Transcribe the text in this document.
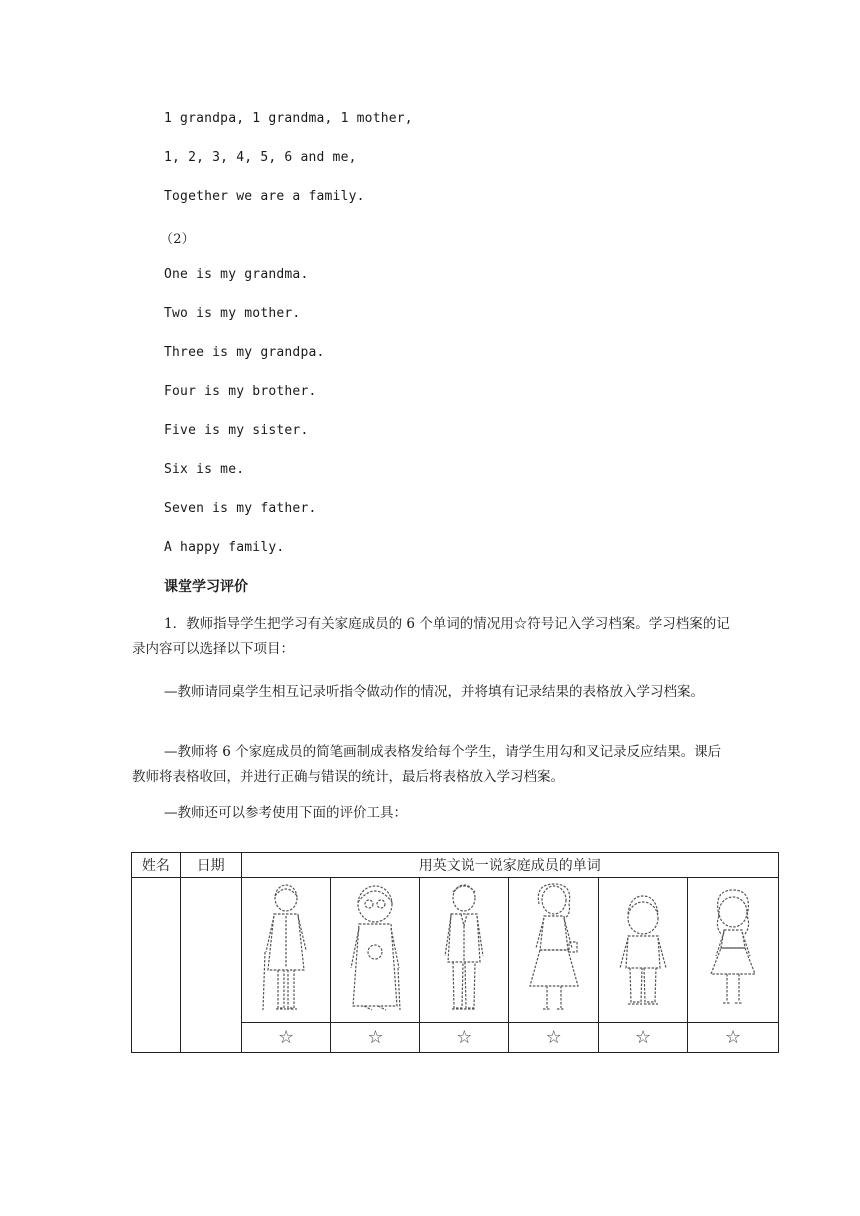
1 grandpa, 1 grandma, 1 mother,
1, 2, 3, 4, 5, 6 and me,
Together we are a family.
（2）
One is my grandma.
Two is my mother.
Three is my grandpa.
Four is my brother.
Five is my sister.
Six is me.
Seven is my father.
A happy family.
课堂学习评价

1．教师指导学生把学习有关家庭成员的 6 个单词的情况用☆符号记入学习档案。学习档案的记录内容可以选择以下项目：

—教师请同桌学生相互记录听指令做动作的情况，并将填有记录结果的表格放入学习档案。

—教师将 6 个家庭成员的简笔画制成表格发给每个学生，请学生用勾和叉记录反应结果。课后教师将表格收回，并进行正确与错误的统计，最后将表格放入学习档案。

—教师还可以参考使用下面的评价工具：

姓名	日期	用英文说一说家庭成员的单词					

		☆	☆	☆	☆	☆	☆
